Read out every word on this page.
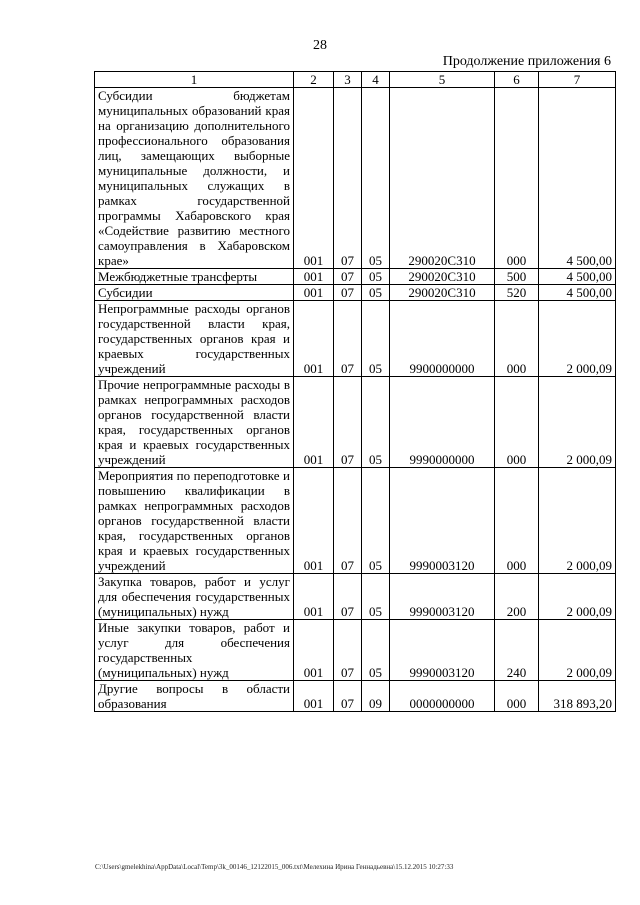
28
Продолжение приложения 6
1	2	3	4	5	6	7
Субсидии бюджетам муниципальных образований края на организацию дополнительного профессионального образования лиц, замещающих выборные муниципальные должности, и муниципальных служащих в рамках государственной программы Хабаровского края «Содействие развитию местного самоуправления в Хабаровском крае»	001	07	05	290020С310	000	4 500,00
Межбюджетные трансферты	001	07	05	290020С310	500	4 500,00
Субсидии	001	07	05	290020С310	520	4 500,00
Непрограммные расходы органов государственной власти края, государственных органов края и краевых государственных учреждений	001	07	05	9900000000	000	2 000,09
Прочие непрограммные расходы в рамках непрограммных расходов органов государственной власти края, государственных органов края и краевых государственных учреждений	001	07	05	9990000000	000	2 000,09
Мероприятия по переподготовке и повышению квалификации в рамках непрограммных расходов органов государственной власти края, государственных органов края и краевых государственных учреждений	001	07	05	9990003120	000	2 000,09
Закупка товаров, работ и услуг для обеспечения государственных (муниципальных) нужд	001	07	05	9990003120	200	2 000,09
Иные закупки товаров, работ и услуг для обеспечения государственных (муниципальных) нужд	001	07	05	9990003120	240	2 000,09
Другие вопросы в области образования	001	07	09	0000000000	000	318 893,20
C:\Users\gmelekhina\AppData\Local\Temp\3k_00146_12122015_006.txt\Мелехина Ирина Геннадьевна\15.12.2015 10:27:33
